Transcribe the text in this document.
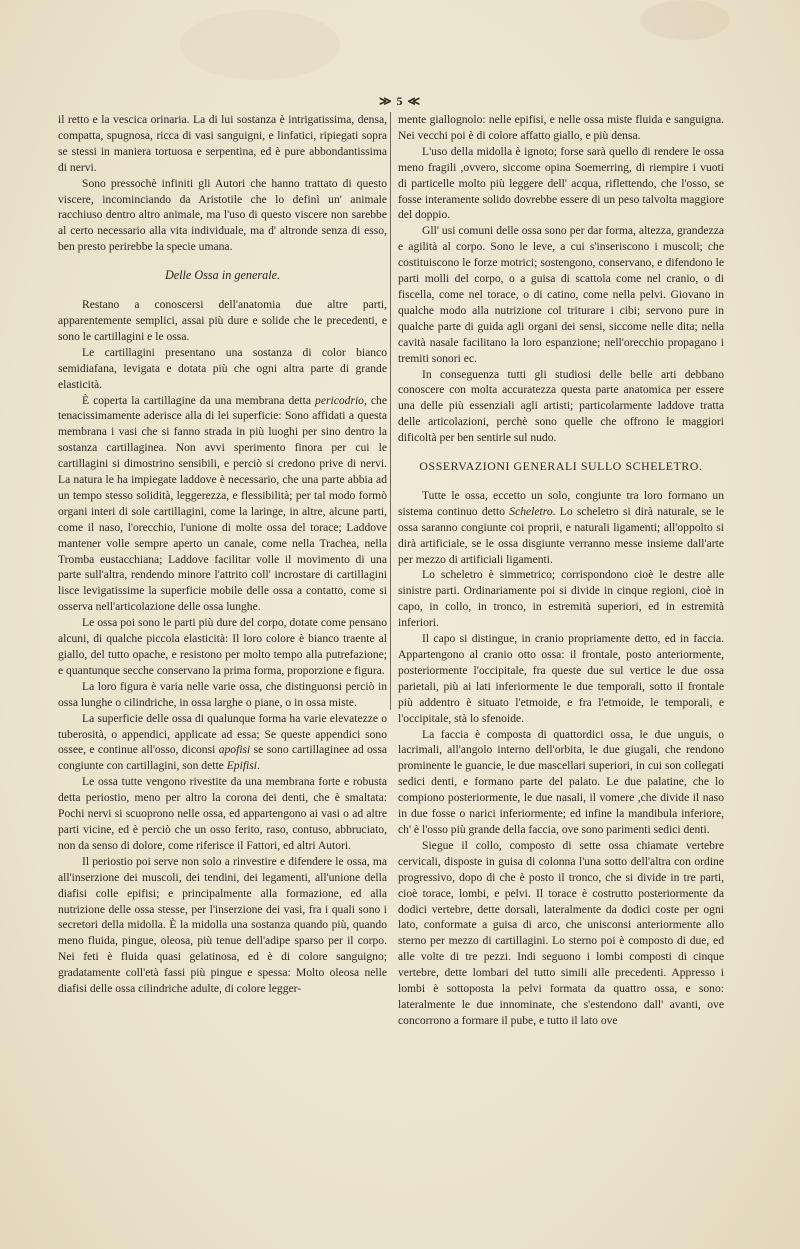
≫ 5 ≪

il retto e la vescica orinaria. La di lui sostanza è intrigatissima, densa, compatta, spugnosa, ricca di vasi sanguigni, e linfatici, ripiegati sopra se stessi in maniera tortuosa e serpentina, ed è pure abbondantissima di nervi.

Sono pressochè infiniti gli Autori che hanno trattato di questo viscere, incominciando da Aristotile che lo definì un' animale racchiuso dentro altro animale, ma l'uso di questo viscere non sarebbe al certo necessario alla vita individuale, ma d' altronde senza di esso, ben presto perirebbe la specie umana.

Delle Ossa in generale.

Restano a conoscersi dell'anatomia due altre parti, apparentemente semplici, assai più dure e solide che le precedenti, e sono le cartillagini e le ossa.

Le cartillagini presentano una sostanza di color bianco semidiafana, levigata e dotata più che ogni altra parte di grande elasticità.

È coperta la cartillagine da una membrana detta pericodrio, che tenacissimamente aderisce alla di lei superficie: Sono affidati a questa membrana i vasi che si fanno strada in più luoghi per sino dentro la sostanza cartillaginea. Non avvi sperimento finora per cui le cartillagini si dimostrino sensibili, e perciò si credono prive di nervi. La natura le ha impiegate laddove è necessario, che una parte abbia ad un tempo stesso solidità, leggerezza, e flessibilità; per tal modo formò organi interi di sole cartillagini, come la laringe, in altre, alcune parti, come il naso, l'orecchio, l'unione di molte ossa del torace; Laddove mantener volle sempre aperto un canale, come nella Trachea, nella Tromba eustacchiana; Laddove facilitar volle il movimento di una parte sull'altra, rendendo minore l'attrito coll' incrostare di cartillagini lisce levigatissime la superficie mobile delle ossa a contatto, come si osserva nell'articolazione delle ossa lunghe.

Le ossa poi sono le parti più dure del corpo, dotate come pensano alcuni, di qualche piccola elasticità: Il loro colore è bianco traente al giallo, del tutto opache, e resistono per molto tempo alla putrefazione; e quantunque secche conservano la prima forma, proporzione e figura.

La loro figura è varia nelle varie ossa, che distinguonsi perciò in ossa lunghe o cilindriche, in ossa larghe o piane, o in ossa miste.

La superficie delle ossa di qualunque forma ha varie elevatezze o tuberosità, o appendici, applicate ad essa; Se queste appendici sono ossee, e continue all'osso, diconsi apofisi se sono cartillaginee ad ossa congiunte con cartillagini, son dette Epifisi.

Le ossa tutte vengono rivestite da una membrana forte e robusta detta periostio, meno per altro la corona dei denti, che è smaltata: Pochi nervi si scuoprono nelle ossa, ed appartengono ai vasi o ad altre parti vicine, ed è perciò che un osso ferito, raso, contuso, abbruciato, non da senso di dolore, come riferisce il Fattori, ed altri Autori.

Il periostio poi serve non solo a rinvestire e difendere le ossa, ma all'inserzione dei muscoli, dei tendini, dei legamenti, all'unione della diafisi colle epifisi; e principalmente alla formazione, ed alla nutrizione delle ossa stesse, per l'inserzione dei vasi, fra i quali sono i secretori della midolla. È la midolla una sostanza quando più, quando meno fluida, pingue, oleosa, più tenue dell'adipe sparso per il corpo. Nei feti è fluida quasi gelatinosa, ed è di colore sanguigno; gradatamente coll'età fassi più pingue e spessa: Molto oleosa nelle diafisi delle ossa cilindriche adulte, di colore legger-

mente giallognolo: nelle epifisi, e nelle ossa miste fluida e sanguigna. Nei vecchi poi è di colore affatto giallo, e più densa.

L'uso della midolla è ignoto; forse sarà quello di rendere le ossa meno fragili ,ovvero, siccome opina Soemerring, di riempire i vuoti di particelle molto più leggere dell' acqua, riflettendo, che l'osso, se fosse interamente solido dovrebbe essere di un peso talvolta maggiore del doppio.

Gll' usi comuni delle ossa sono per dar forma, altezza, grandezza e agilità al corpo. Sono le leve, a cui s'inseriscono i muscoli; che costituiscono le forze motrici; sostengono, conservano, e difendono le parti molli del corpo, o a guisa di scattola come nel cranio, o di fiscella, come nel torace, o di catino, come nella pelvi. Giovano in qualche modo alla nutrizione col triturare i cibi; servono pure in qualche parte di guida agli organi dei sensi, siccome nelle dita; nella cavità nasale facilitano la loro espanzione; nell'orecchio propagano i tremiti sonori ec.

In conseguenza tutti gli studiosi delle belle arti debbano conoscere con molta accuratezza questa parte anatomica per essere una delle più essenziali agli artisti; particolarmente laddove tratta delle articolazioni, perchè sono quelle che offrono le maggiori dificoltà per ben sentirle sul nudo.

OSSERVAZIONI GENERALI SULLO SCHELETRO.

Tutte le ossa, eccetto un solo, congiunte tra loro formano un sistema continuo detto Scheletro. Lo scheletro si dirà naturale, se le ossa saranno congiunte coi proprii, e naturali ligamenti; all'oppolto si dirà artificiale, se le ossa disgiunte verranno messe insieme dall'arte per mezzo di artificiali ligamenti.

Lo scheletro è simmetrico; corrispondono cioè le destre alle sinistre parti. Ordinariamente poi si divide in cinque regioni, cioè in capo, in collo, in tronco, in estremità superiori, ed in estremità inferiori.

Il capo si distingue, in cranio propriamente detto, ed in faccia. Appartengono al cranio otto ossa: il frontale, posto anteriormente, posteriormente l'occipitale, fra queste due sul vertice le due ossa parietali, più ai lati inferiormente le due temporali, sotto il frontale più addentro è situato l'etmoide, e fra l'etmoide, le temporali, e l'occipitale, stà lo sfenoide.

La faccia è composta di quattordici ossa, le due unguis, o lacrimali, all'angolo interno dell'orbita, le due giugali, che rendono prominente le guancie, le due mascellari superiori, in cui son collegati sedici denti, e formano parte del palato. Le due palatine, che lo compiono posteriormente, le due nasali, il vomere ,che divide il naso in due fosse o narici inferiormente; ed infine la mandibula inferiore, ch' è l'osso più grande della faccia, ove sono parimenti sedici denti.

Siegue il collo, composto di sette ossa chiamate vertebre cervicali, disposte in guisa di colonna l'una sotto dell'altra con ordine progressivo, dopo di che è posto il tronco, che si divide in tre parti, cioè torace, lombi, e pelvi. Il torace è costrutto posteriormente da dodici vertebre, dette dorsali, lateralmente da dodici coste per ogni lato, conformate a guisa di arco, che unisconsi anteriormente allo sterno per mezzo di cartillagini. Lo sterno poi è composto di due, ed alle volte di tre pezzi. Indi seguono i lombi composti di cinque vertebre, dette lombari del tutto simili alle precedenti. Appresso i lombi è sottoposta la pelvi formata da quattro ossa, e sono: lateralmente le due innominate, che s'estendono dall' avanti, ove concorrono a formare il pube, e tutto il lato ove
